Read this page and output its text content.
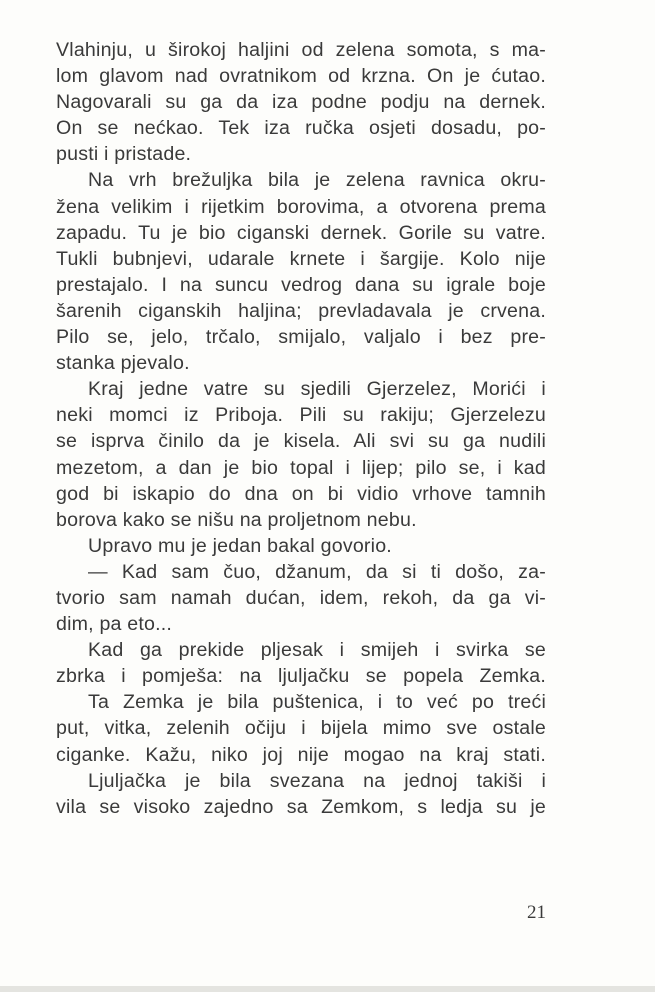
Vlahinju, u širokoj haljini od zelena somota, s ma-
lom glavom nad ovratnikom od krzna. On je ćutao.
Nagovarali su ga da iza podne podju na dernek.
On se nećkao. Tek iza ručka osjeti dosadu, po-
pusti i pristade.
Na vrh brežuljka bila je zelena ravnica okru-
žena velikim i rijetkim borovima, a otvorena prema
zapadu. Tu je bio ciganski dernek. Gorile su vatre.
Tukli bubnjevi, udarale krnete i šargije. Kolo nije
prestajalo. I na suncu vedrog dana su igrale boje
šarenih ciganskih haljina; prevladavala je crvena.
Pilo se, jelo, trčalo, smijalo, valjalo i bez pre-
stanka pjevalo.
Kraj jedne vatre su sjedili Gjerzelez, Morići i
neki momci iz Priboja. Pili su rakiju; Gjerzelezu
se isprva činilo da je kisela. Ali svi su ga nudili
mezetom, a dan je bio topal i lijep; pilo se, i kad
god bi iskapio do dna on bi vidio vrhove tamnih
borova kako se nišu na proljetnom nebu.
Upravo mu je jedan bakal govorio.
— Kad sam čuo, džanum, da si ti došo, za-
tvorio sam namah dućan, idem, rekoh, da ga vi-
dim, pa eto...
Kad ga prekide pljesak i smijeh i svirka se
zbrka i pomješa: na ljuljačku se popela Zemka.
Ta Zemka je bila puštenica, i to već po treći
put, vitka, zelenih očiju i bijela mimo sve ostale
ciganke. Kažu, niko joj nije mogao na kraj stati.
Ljuljačka je bila svezana na jednoj takiši i
vila se visoko zajedno sa Zemkom, s ledja su je
21
